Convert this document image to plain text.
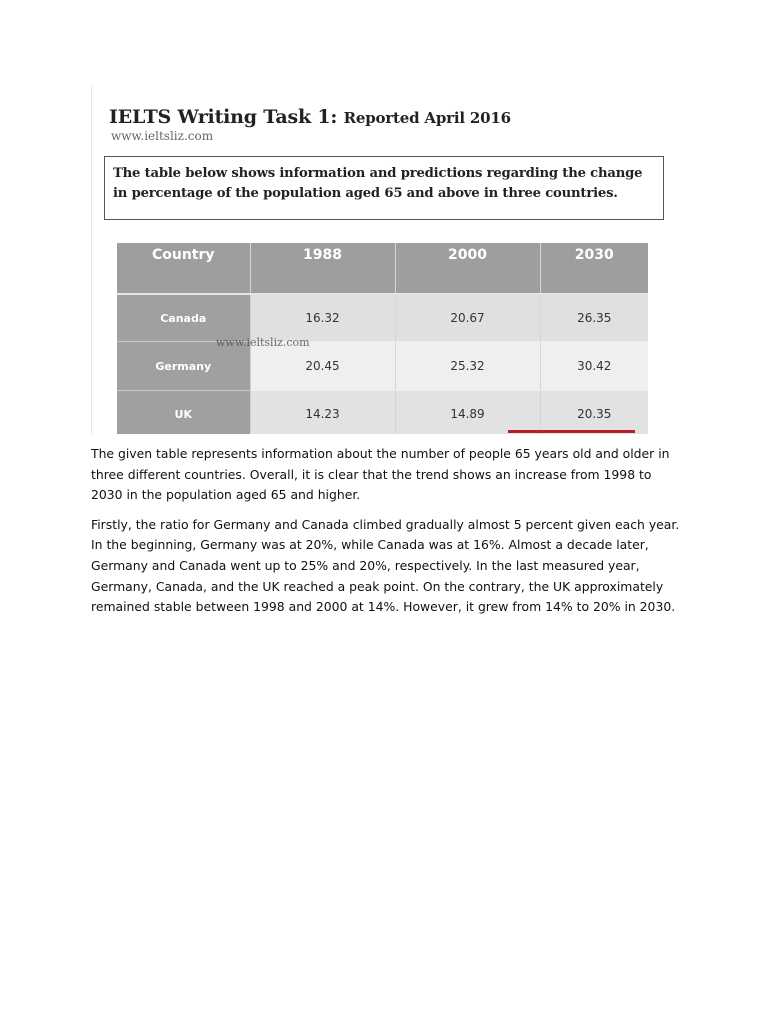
IELTS Writing Task 1: Reported April 2016
www.ieltsliz.com
The table below shows information and predictions regarding the change
in percentage of the population aged 65 and above in three countries.
Country	1988	2000	2030
Canada	16.32	20.67	26.35
Germany	20.45	25.32	30.42
UK	14.23	14.89	20.35
www.ieltsliz.com

The given table represents information about the number of people 65 years old and older in
three different countries. Overall, it is clear that the trend shows an increase from 1998 to
2030 in the population aged 65 and higher.

Firstly, the ratio for Germany and Canada climbed gradually almost 5 percent given each year.
In the beginning, Germany was at 20%, while Canada was at 16%. Almost a decade later,
Germany and Canada went up to 25% and 20%, respectively. In the last measured year,
Germany, Canada, and the UK reached a peak point. On the contrary, the UK approximately
remained stable between 1998 and 2000 at 14%. However, it grew from 14% to 20% in 2030.
